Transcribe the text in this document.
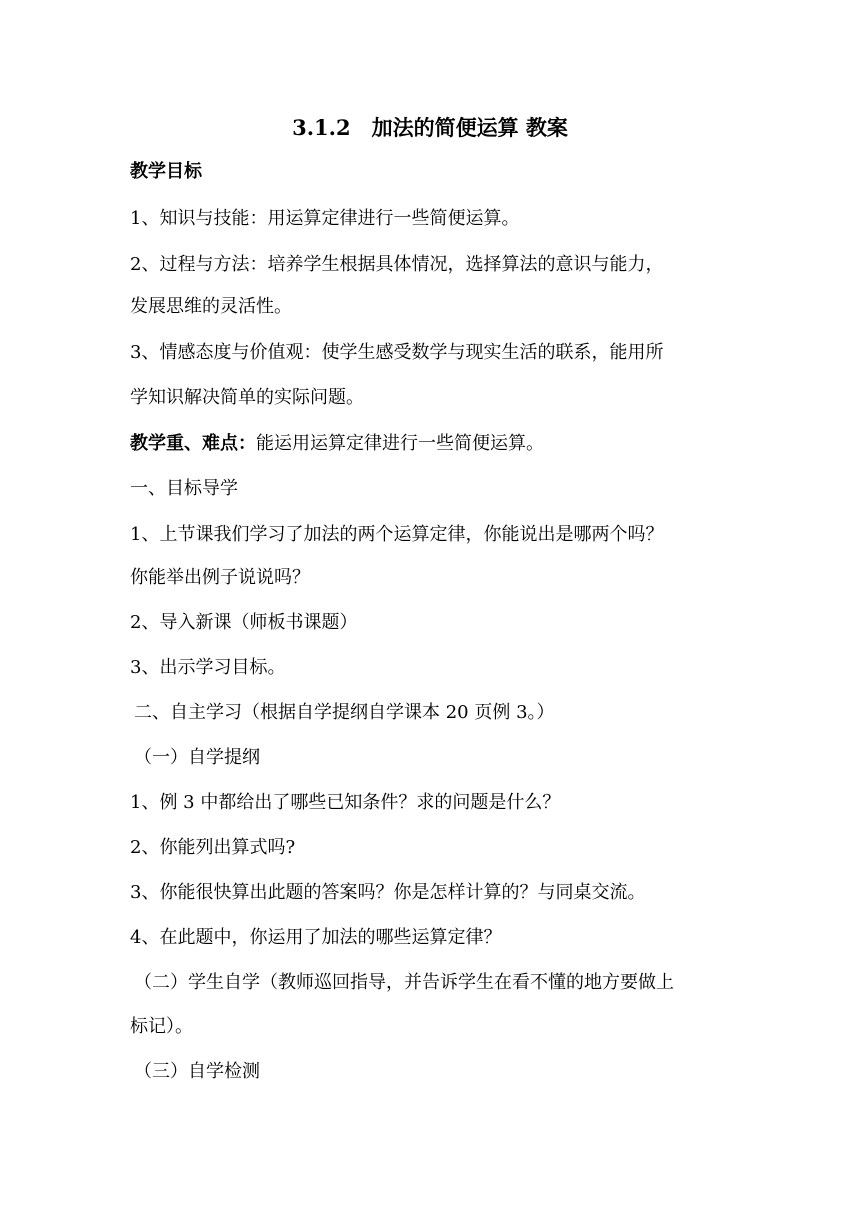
3.1.2　加法的简便运算 教案

教学目标

1、知识与技能：用运算定律进行一些简便运算。

2、过程与方法：培养学生根据具体情况，选择算法的意识与能力，

发展思维的灵活性。

3、情感态度与价值观：使学生感受数学与现实生活的联系，能用所

学知识解决简单的实际问题。

教学重、难点：能运用运算定律进行一些简便运算。

一、目标导学

1、上节课我们学习了加法的两个运算定律，你能说出是哪两个吗？

你能举出例子说说吗？

2、导入新课（师板书课题）

3、出示学习目标。

二、自主学习（根据自学提纲自学课本 20 页例 3。）

（一）自学提纲

1、例 3 中都给出了哪些已知条件？求的问题是什么？

2、你能列出算式吗?

3、你能很快算出此题的答案吗？你是怎样计算的？与同桌交流。

4、在此题中，你运用了加法的哪些运算定律？

（二）学生自学（教师巡回指导，并告诉学生在看不懂的地方要做上

标记）。

（三）自学检测
